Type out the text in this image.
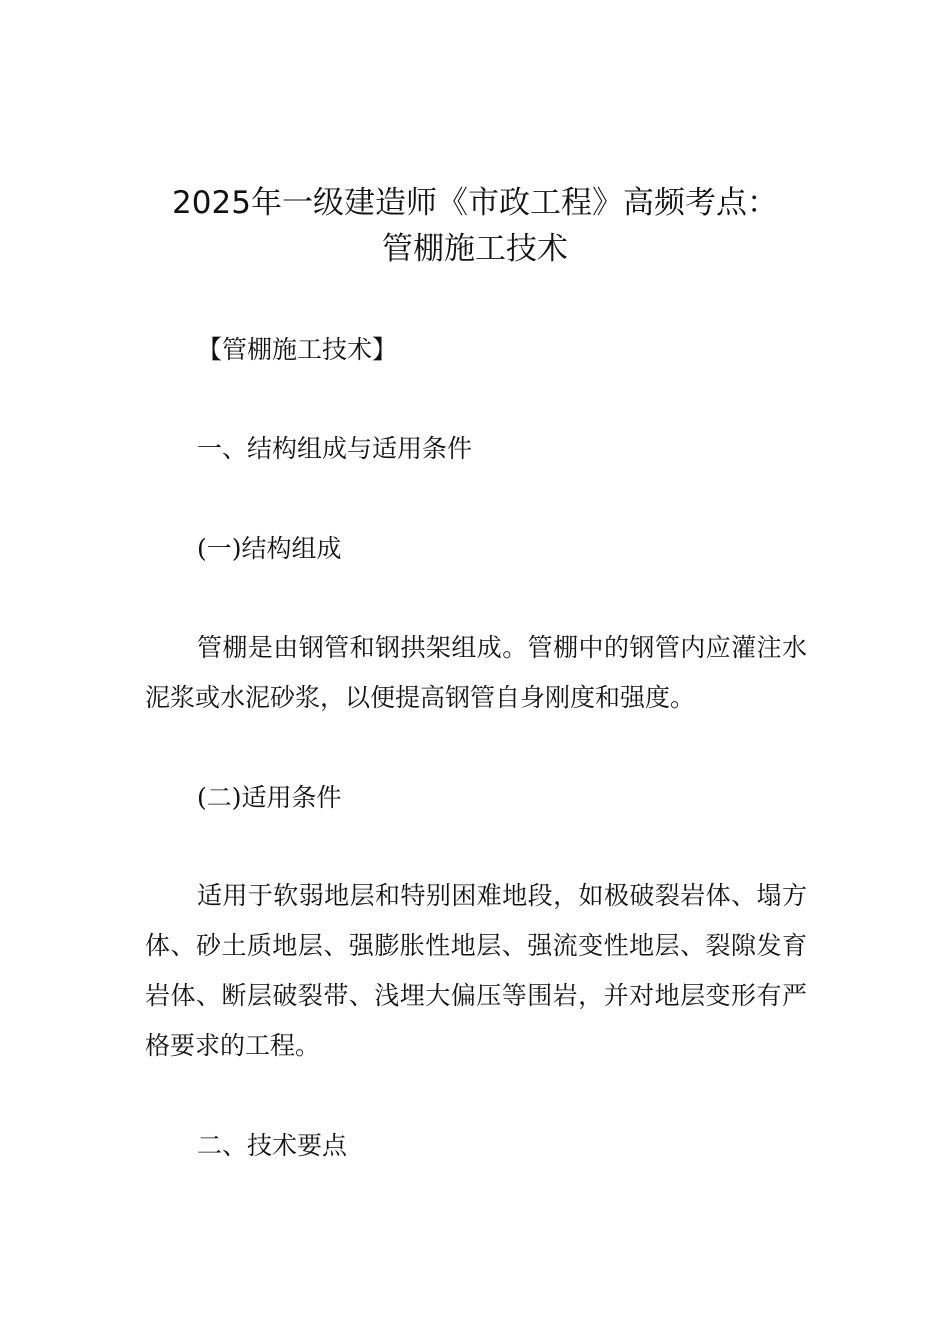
2025年一级建造师《市政工程》高频考点：
管棚施工技术

【管棚施工技术】

一、结构组成与适用条件

(一)结构组成

管棚是由钢管和钢拱架组成。管棚中的钢管内应灌注水泥浆或水泥砂浆，以便提高钢管自身刚度和强度。

(二)适用条件

适用于软弱地层和特别困难地段，如极破裂岩体、塌方体、砂土质地层、强膨胀性地层、强流变性地层、裂隙发育岩体、断层破裂带、浅埋大偏压等围岩，并对地层变形有严格要求的工程。

二、技术要点
